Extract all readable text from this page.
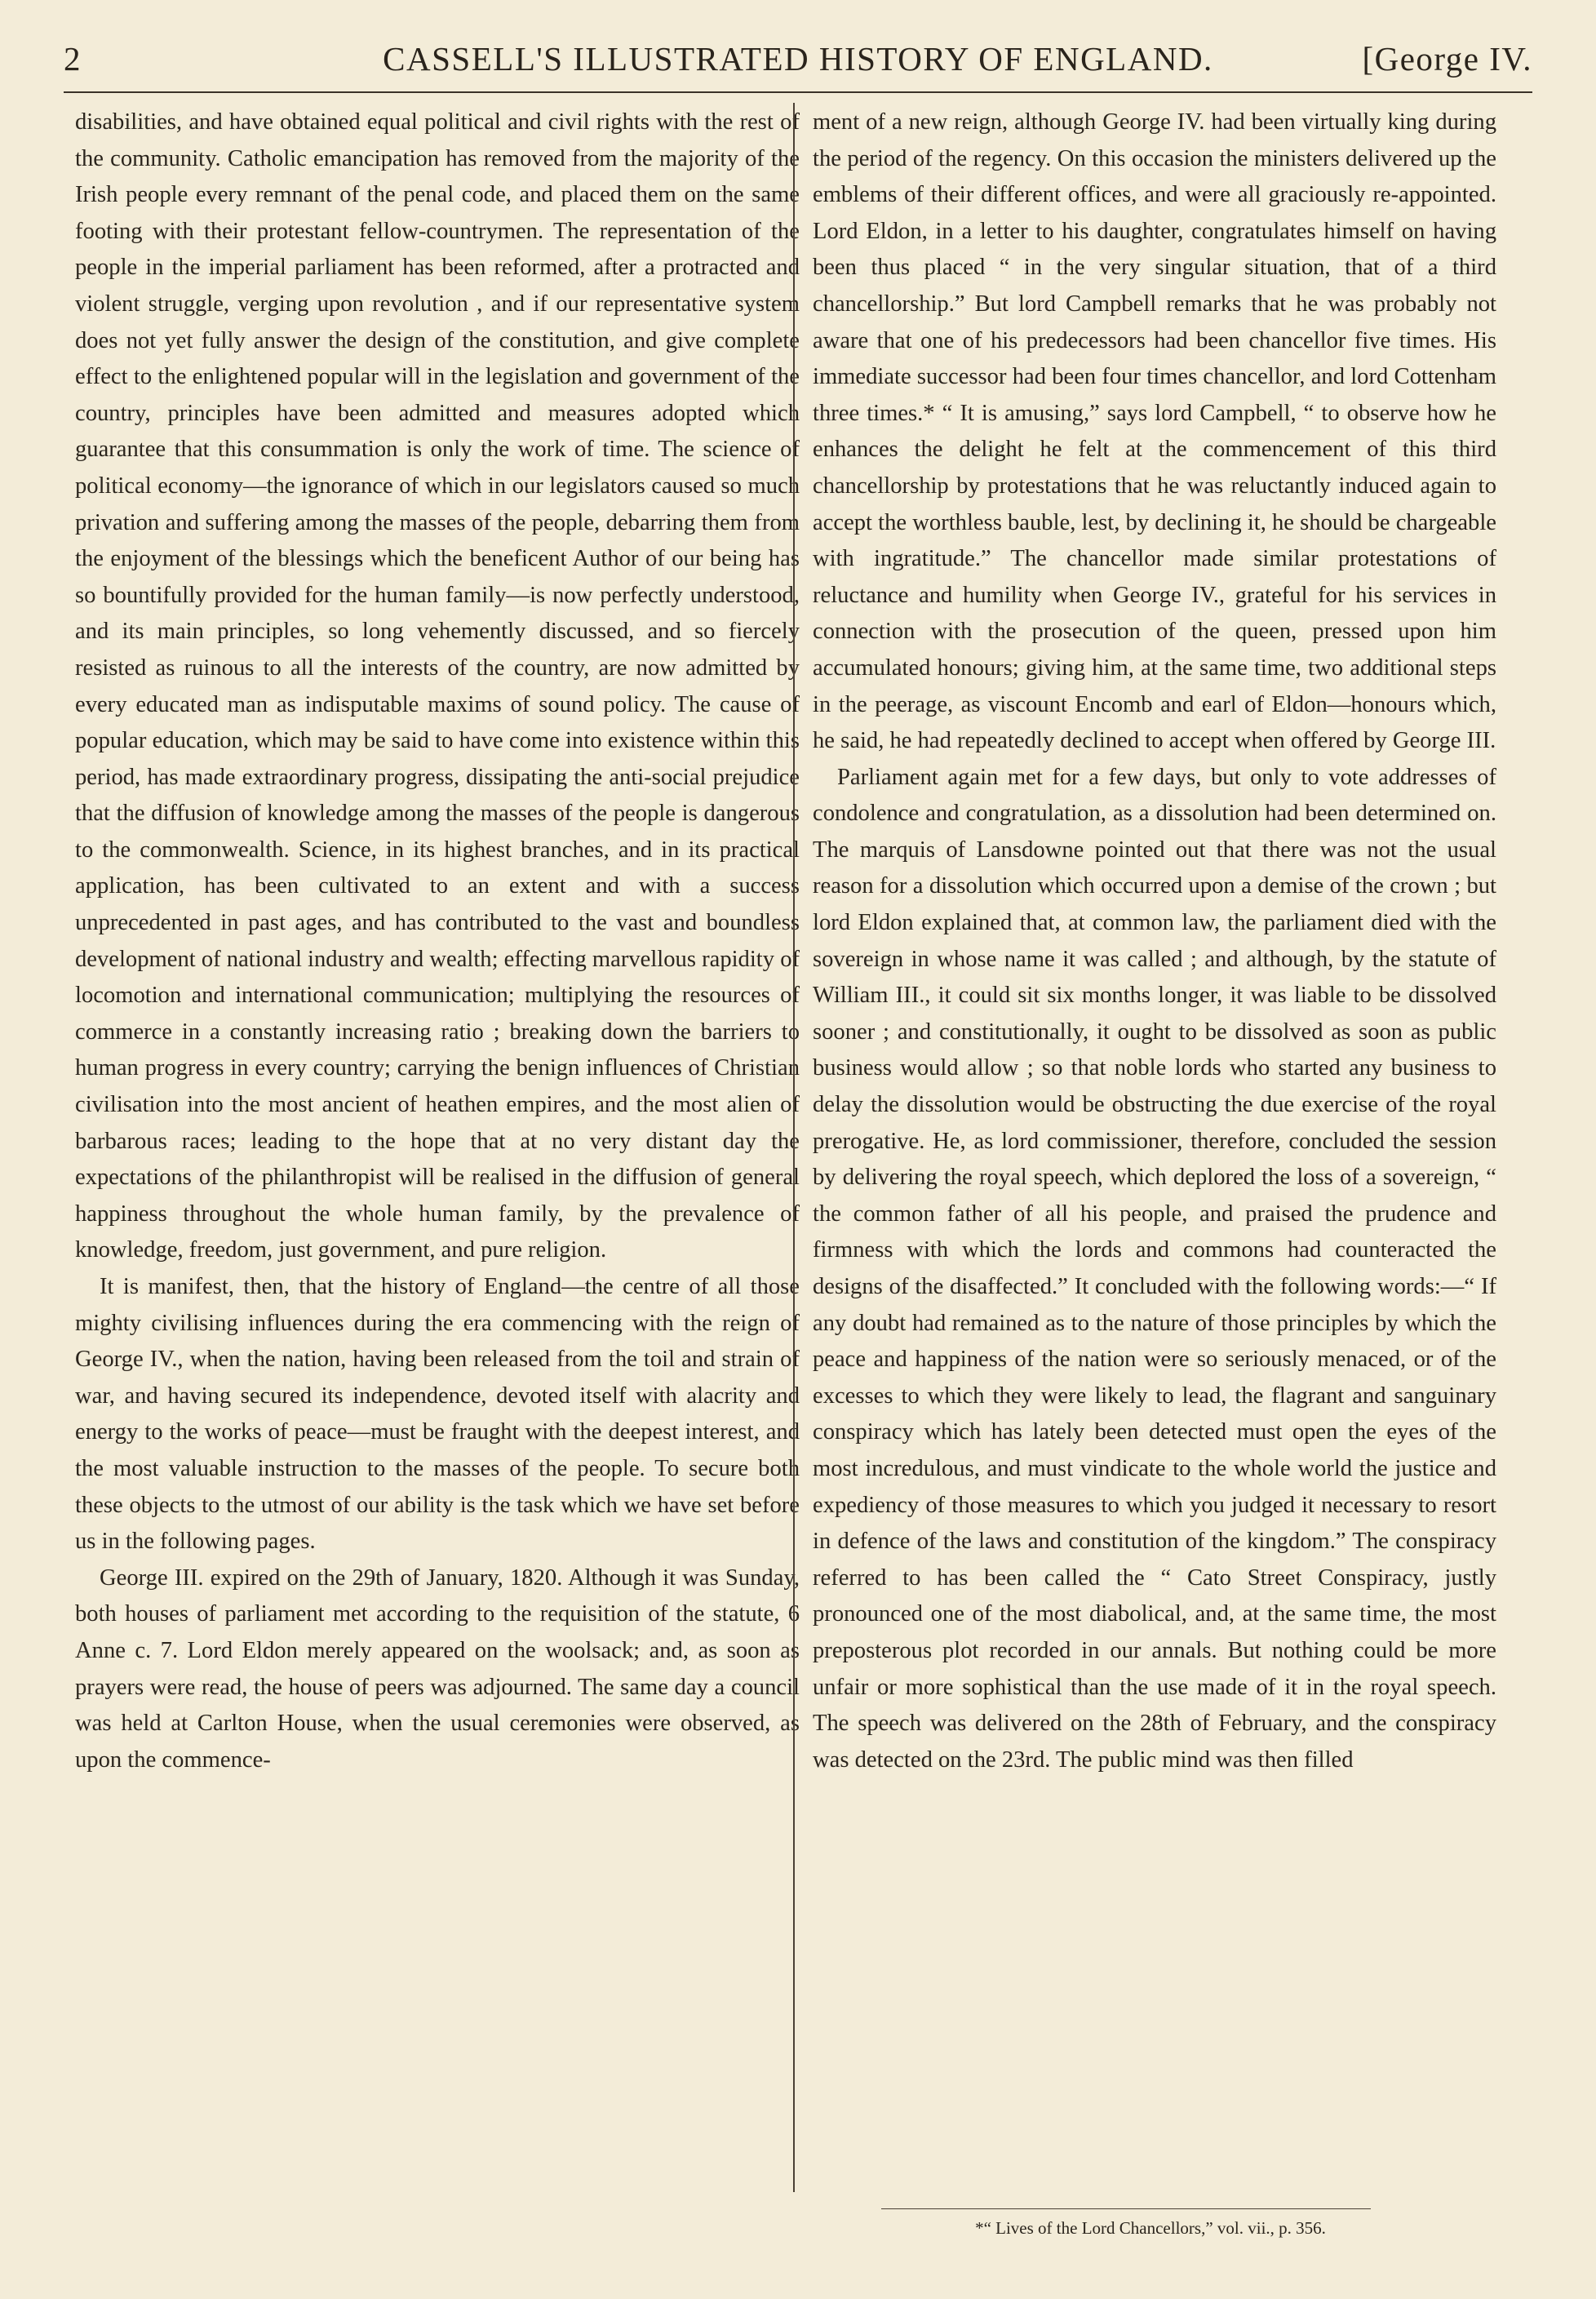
2	CASSELL'S ILLUSTRATED HISTORY OF ENGLAND.	[George IV.

disabilities, and have obtained equal political and civil rights with the rest of the community. Catholic emancipation has removed from the majority of the Irish people every remnant of the penal code, and placed them on the same footing with their protestant fellow-countrymen. The representation of the people in the imperial parliament has been reformed, after a protracted and violent struggle, verging upon revolution , and if our representative system does not yet fully answer the design of the constitution, and give complete effect to the enlightened popular will in the legislation and government of the country, principles have been admitted and measures adopted which guarantee that this consummation is only the work of time. The science of political economy—the ignorance of which in our legislators caused so much privation and suffering among the masses of the people, debarring them from the enjoyment of the blessings which the beneficent Author of our being has so bountifully provided for the human family—is now perfectly understood, and its main principles, so long vehemently discussed, and so fiercely resisted as ruinous to all the interests of the country, are now admitted by every educated man as indisputable maxims of sound policy. The cause of popular education, which may be said to have come into existence within this period, has made extraordinary progress, dissipating the anti-social prejudice that the diffusion of knowledge among the masses of the people is dangerous to the commonwealth. Science, in its highest branches, and in its practical application, has been cultivated to an extent and with a success unprecedented in past ages, and has contributed to the vast and boundless development of national industry and wealth; effecting marvellous rapidity of locomotion and international communication; multiplying the resources of commerce in a constantly increasing ratio ; breaking down the barriers to human progress in every country; carrying the benign influences of Christian civilisation into the most ancient of heathen empires, and the most alien of barbarous races; leading to the hope that at no very distant day the expectations of the philanthropist will be realised in the diffusion of general happiness throughout the whole human family, by the prevalence of knowledge, freedom, just government, and pure religion.

It is manifest, then, that the history of England—the centre of all those mighty civilising influences during the era commencing with the reign of George IV., when the nation, having been released from the toil and strain of war, and having secured its independence, devoted itself with alacrity and energy to the works of peace—must be fraught with the deepest interest, and the most valuable instruction to the masses of the people. To secure both these objects to the utmost of our ability is the task which we have set before us in the following pages.

George III. expired on the 29th of January, 1820. Although it was Sunday, both houses of parliament met according to the requisition of the statute, 6 Anne c. 7. Lord Eldon merely appeared on the woolsack; and, as soon as prayers were read, the house of peers was adjourned. The same day a council was held at Carlton House, when the usual ceremonies were observed, as upon the commence-

ment of a new reign, although George IV. had been virtually king during the period of the regency. On this occasion the ministers delivered up the emblems of their different offices, and were all graciously re-appointed. Lord Eldon, in a letter to his daughter, congratulates himself on having been thus placed “ in the very singular situation, that of a third chancellorship.” But lord Campbell remarks that he was probably not aware that one of his predecessors had been chancellor five times. His immediate successor had been four times chancellor, and lord Cottenham three times.* “ It is amusing,” says lord Campbell, “ to observe how he enhances the delight he felt at the commencement of this third chancellorship by protestations that he was reluctantly induced again to accept the worthless bauble, lest, by declining it, he should be chargeable with ingratitude.” The chancellor made similar protestations of reluctance and humility when George IV., grateful for his services in connection with the prosecution of the queen, pressed upon him accumulated honours; giving him, at the same time, two additional steps in the peerage, as viscount Encomb and earl of Eldon—honours which, he said, he had repeatedly declined to accept when offered by George III.

Parliament again met for a few days, but only to vote addresses of condolence and congratulation, as a dissolution had been determined on. The marquis of Lansdowne pointed out that there was not the usual reason for a dissolution which occurred upon a demise of the crown ; but lord Eldon explained that, at common law, the parliament died with the sovereign in whose name it was called ; and although, by the statute of William III., it could sit six months longer, it was liable to be dissolved sooner ; and constitutionally, it ought to be dissolved as soon as public business would allow ; so that noble lords who started any business to delay the dissolution would be obstructing the due exercise of the royal prerogative. He, as lord commissioner, therefore, concluded the session by delivering the royal speech, which deplored the loss of a sovereign, “ the common father of all his people, and praised the prudence and firmness with which the lords and commons had counteracted the designs of the disaffected.” It concluded with the following words:—“ If any doubt had remained as to the nature of those principles by which the peace and happiness of the nation were so seriously menaced, or of the excesses to which they were likely to lead, the flagrant and sanguinary conspiracy which has lately been detected must open the eyes of the most incredulous, and must vindicate to the whole world the justice and expediency of those measures to which you judged it necessary to resort in defence of the laws and constitution of the kingdom.” The conspiracy referred to has been called the “ Cato Street Conspiracy, justly pronounced one of the most diabolical, and, at the same time, the most preposterous plot recorded in our annals. But nothing could be more unfair or more sophistical than the use made of it in the royal speech. The speech was delivered on the 28th of February, and the conspiracy was detected on the 23rd. The public mind was then filled

*“ Lives of the Lord Chancellors,” vol. vii., p. 356.
